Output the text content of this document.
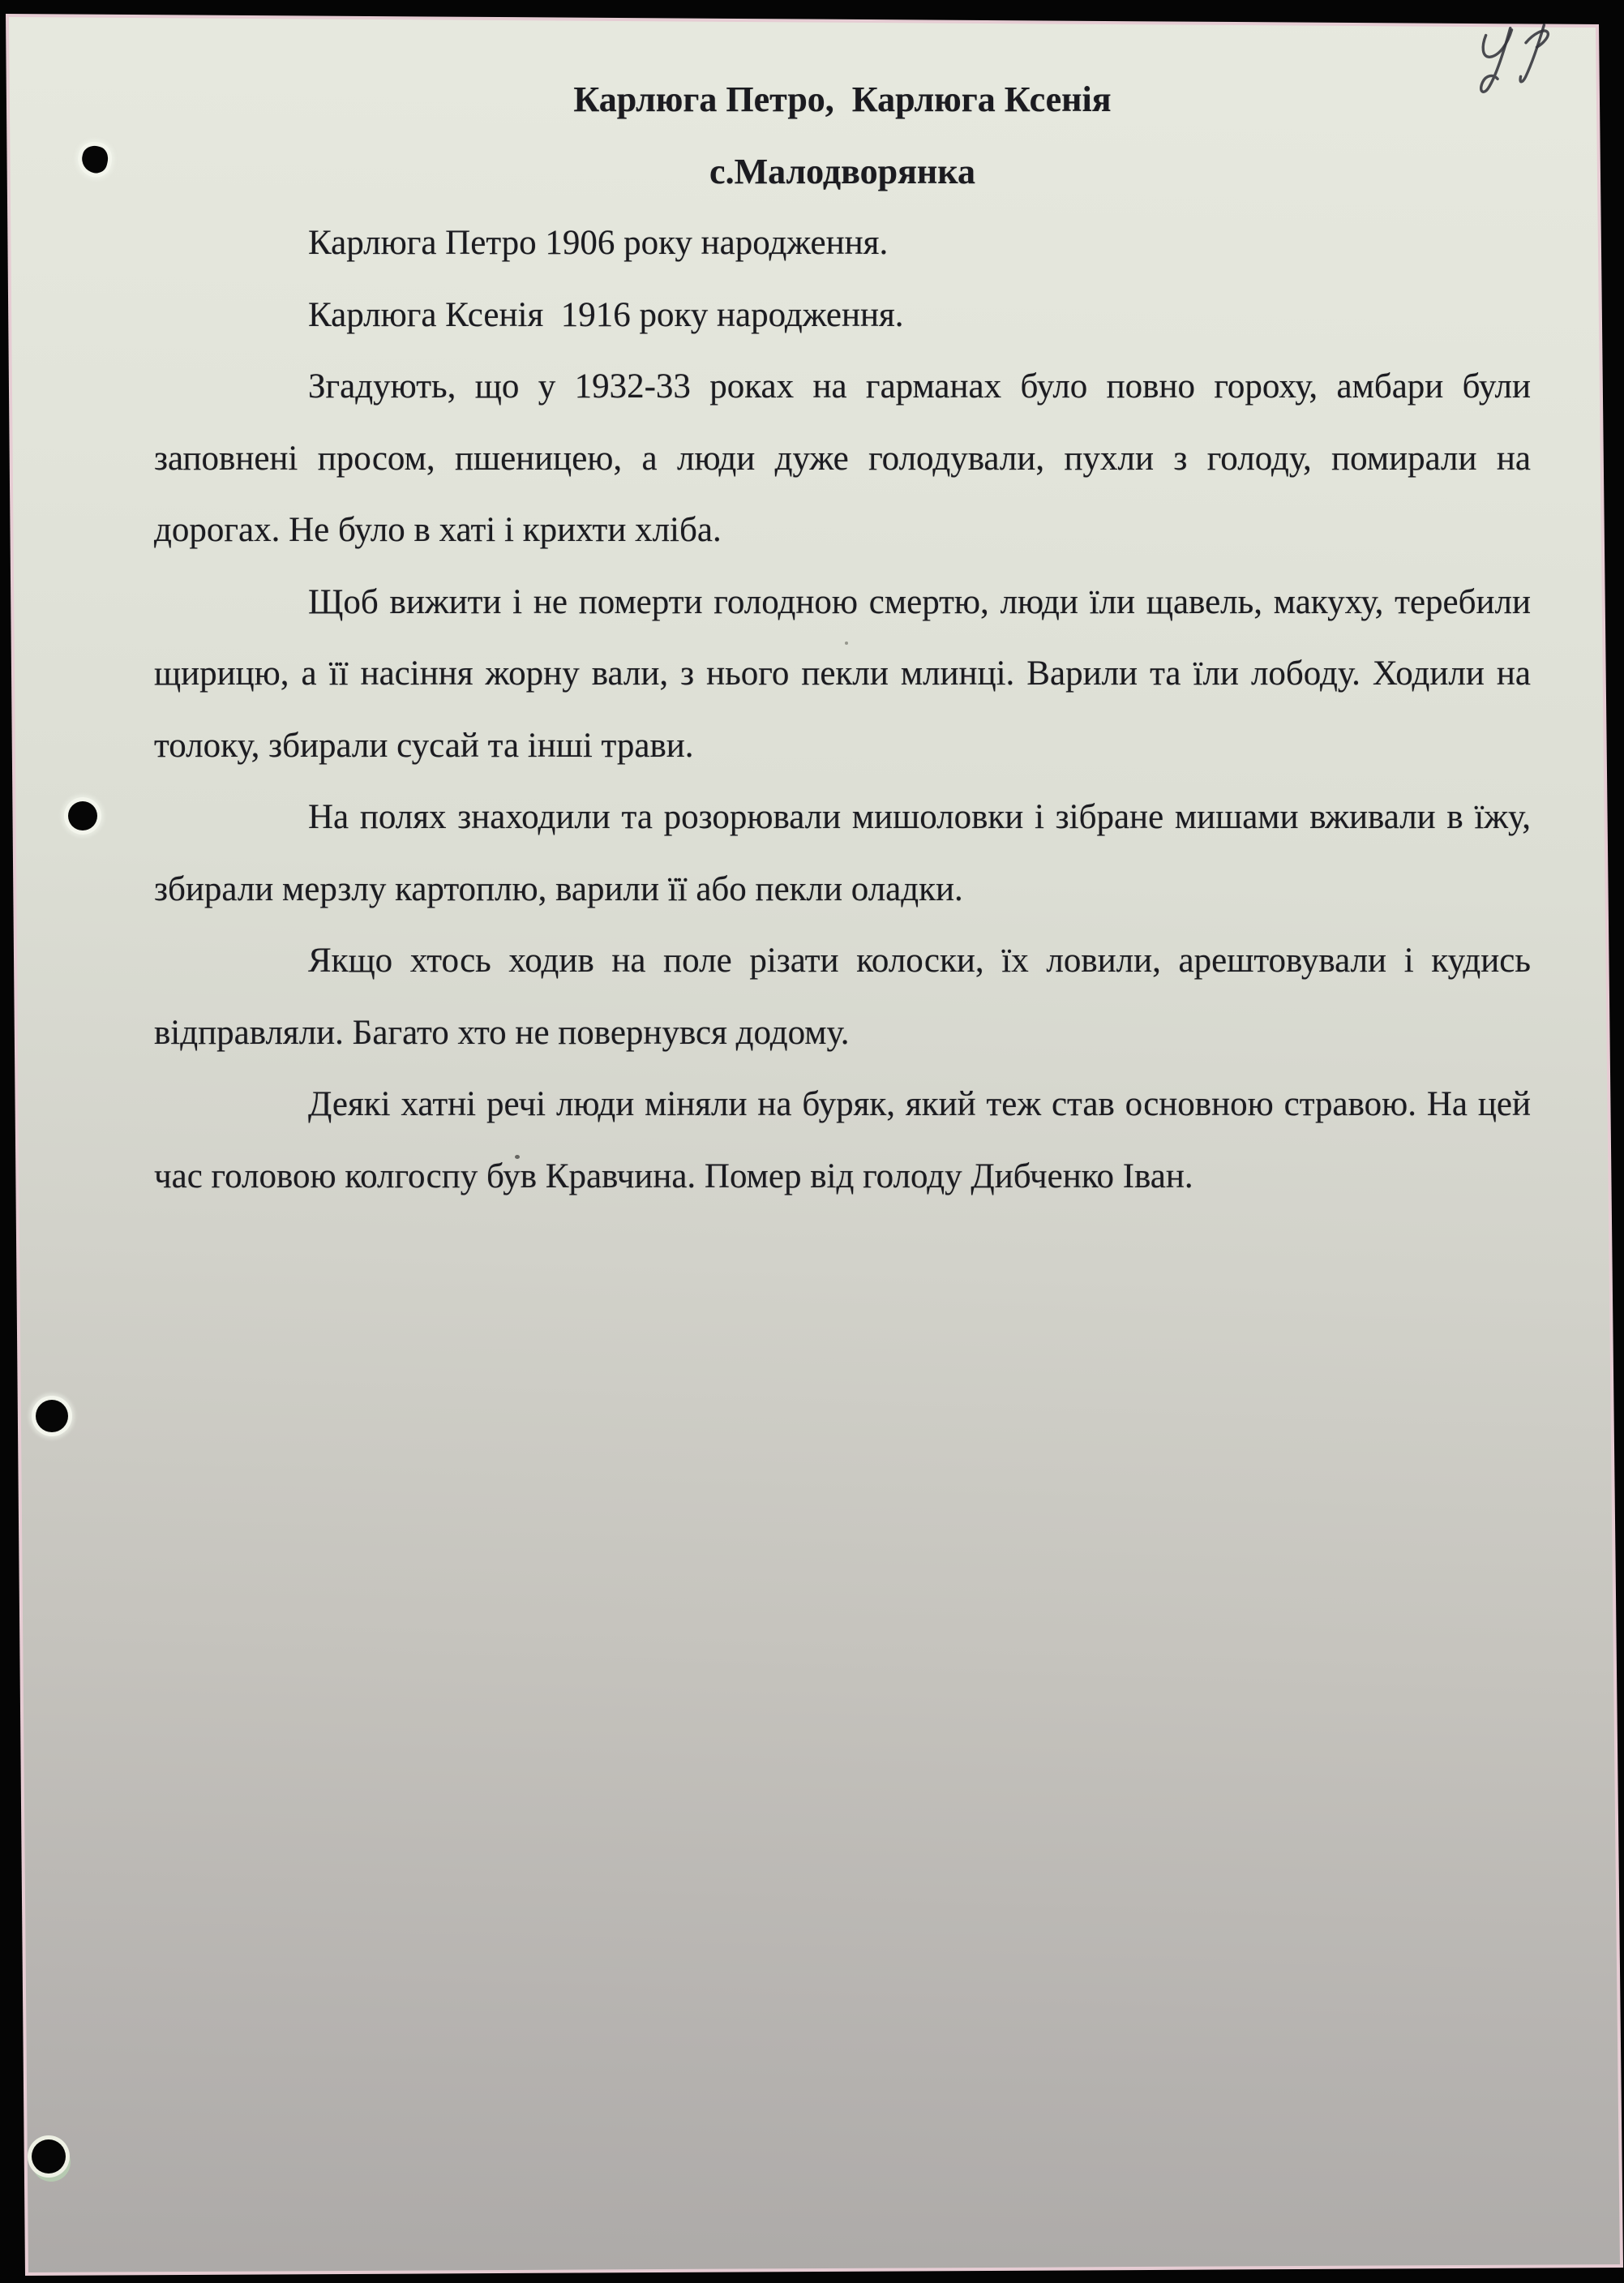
Карлюга Петро,  Карлюга Ксенія
с.Малодворянка

Карлюга Петро 1906 року народження.

Карлюга Ксенія  1916 року народження.

Згадують, що у 1932-33 роках на гарманах було повно гороху, амбари були заповнені просом, пшеницею, а люди дуже голодували, пухли з голоду, помирали на дорогах. Не було в хаті і крихти хліба.

Щоб вижити і не померти голодною смертю, люди їли щавель, макуху, теребили щирицю, а її насіння жорну вали, з нього пекли млинці. Варили та їли лободу. Ходили на толоку, збирали сусай та інші трави.

На полях знаходили та розорювали мишоловки і зібране мишами вживали в їжу, збирали мерзлу картоплю, варили її або пекли оладки.

Якщо хтось ходив на поле різати колоски, їх ловили, арештовували і кудись відправляли. Багато хто не повернувся додому.

Деякі хатні речі люди міняли на буряк, який теж став основною стравою. На цей час головою колгоспу був Кравчина. Помер від голоду Дибченко Іван.
